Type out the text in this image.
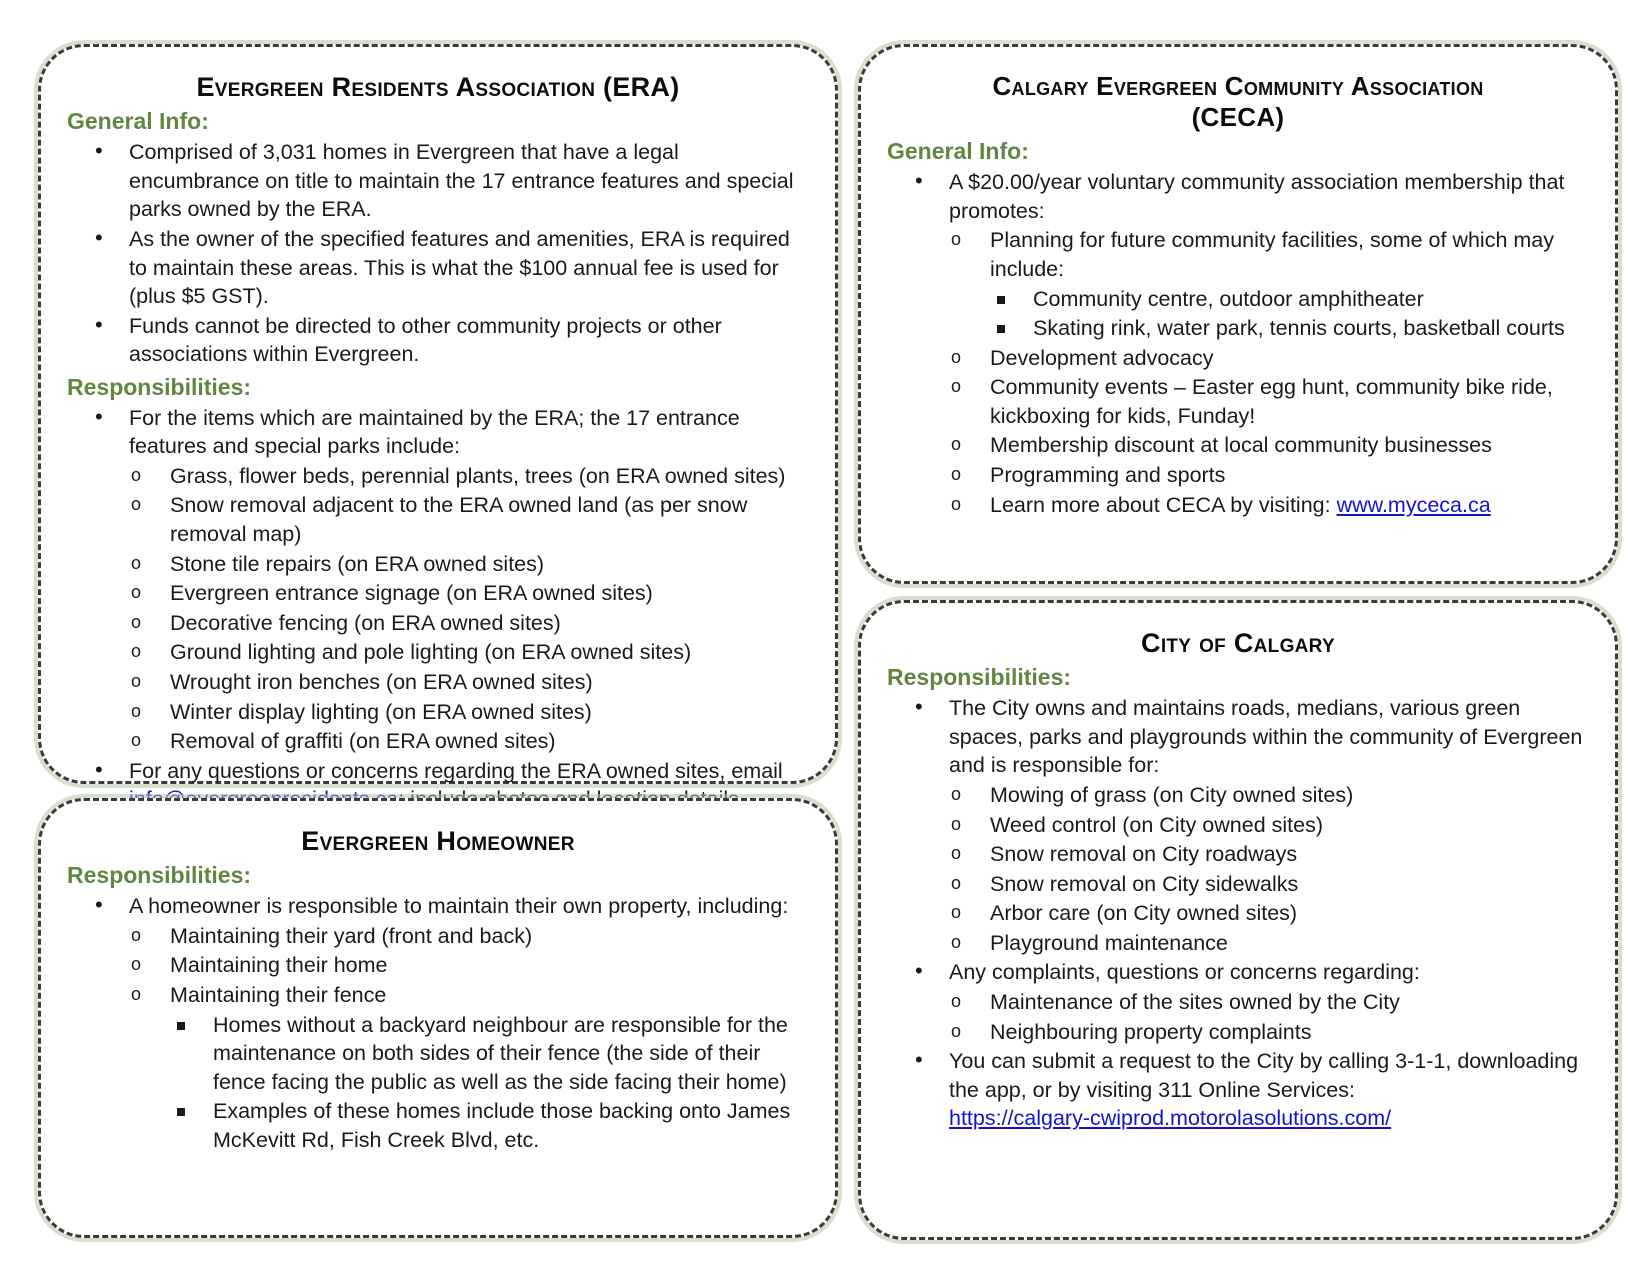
Evergreen Residents Association (ERA)
General Info:
• Comprised of 3,031 homes in Evergreen that have a legal encumbrance on title to maintain the 17 entrance features and special parks owned by the ERA.
• As the owner of the specified features and amenities, ERA is required to maintain these areas. This is what the $100 annual fee is used for (plus $5 GST).
• Funds cannot be directed to other community projects or other associations within Evergreen.
Responsibilities:
• For the items which are maintained by the ERA; the 17 entrance features and special parks include:
o Grass, flower beds, perennial plants, trees (on ERA owned sites)
o Snow removal adjacent to the ERA owned land (as per snow removal map)
o Stone tile repairs (on ERA owned sites)
o Evergreen entrance signage (on ERA owned sites)
o Decorative fencing (on ERA owned sites)
o Ground lighting and pole lighting (on ERA owned sites)
o Wrought iron benches (on ERA owned sites)
o Winter display lighting (on ERA owned sites)
o Removal of graffiti (on ERA owned sites)
• For any questions or concerns regarding the ERA owned sites, email
Evergreen Homeowner
Responsibilities:
• A homeowner is responsible to maintain their own property, including:
o Maintaining their yard (front and back)
o Maintaining their home
o Maintaining their fence
Homes without a backyard neighbour are responsible for the maintenance on both sides of their fence (the side of their fence facing the public as well as the side facing their home)
Examples of these homes include those backing onto James McKevitt Rd, Fish Creek Blvd, etc.
Calgary Evergreen Community Association
(CECA)
General Info:
• A $20.00/year voluntary community association membership that promotes:
o Planning for future community facilities, some of which may include:
Community centre, outdoor amphitheater
Skating rink, water park, tennis courts, basketball courts
o Development advocacy
o Community events – Easter egg hunt, community bike ride, kickboxing for kids, Funday!
o Membership discount at local community businesses
o Programming and sports
o Learn more about CECA by visiting: www.myceca.ca
City of Calgary
Responsibilities:
• The City owns and maintains roads, medians, various green spaces, parks and playgrounds within the community of Evergreen and is responsible for:
o Mowing of grass (on City owned sites)
o Weed control (on City owned sites)
o Snow removal on City roadways
o Snow removal on City sidewalks
o Arbor care (on City owned sites)
o Playground maintenance
• Any complaints, questions or concerns regarding:
o Maintenance of the sites owned by the City
o Neighbouring property complaints
• You can submit a request to the City by calling 3-1-1, downloading the app, or by visiting 311 Online Services:
https://calgary-cwiprod.motorolasolutions.com/
